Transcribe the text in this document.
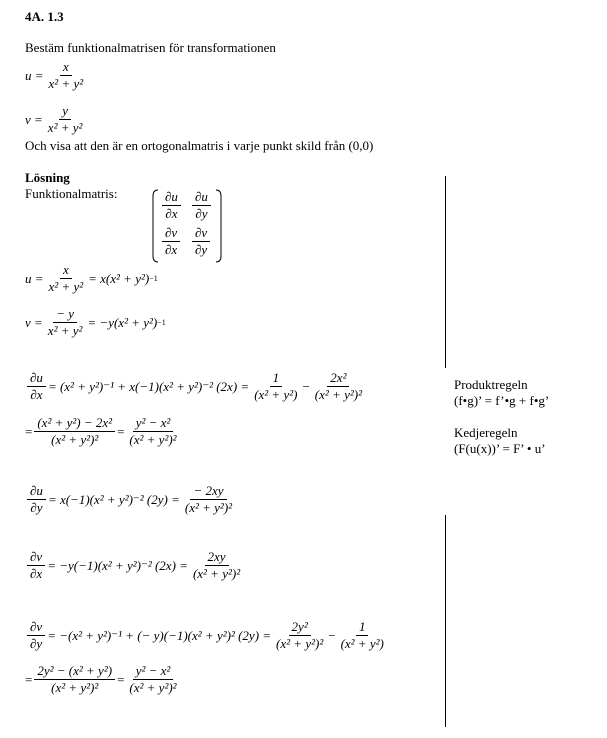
4A. 1.3
Bestäm funktionalmatrisen för transformationen
$u = \frac{x}{\text{x² + y²}}$
$v = \frac{y}{\text{x² + y²}}$
Och visa att den är en ortogonalmatris i varje punkt skild från (0,0)
Lösning
Funktionalmatris:	$\frac{\partial u}{\partial x} \frac{\partial u}{\partial y}$
$\frac{\partial v}{\partial x} \frac{\partial v}{\partial y}$
$u = \frac{x}{\text{x² + y²}} = x(x^2 + y^2) -1$
$v = \frac{- y}{\text{x² + y²}} = -y(x^2 + y^2) -1$
$\frac{\partial u}{\partial x} = (x^2 + y^2)^{-1} + x(-1)(x^2 + y^2)^{-2}$ $(2x) = \frac{1}{\text{(x² + y²)}} - \frac{\text{2x²}}{\text{(x² + y²)²}}$
= $\frac{\text{(x² + y²) − 2x²}}{\text{(x² + y²)²}} = \frac{\text{y² − x²}}{\text{(x² + y²)²}}$
Produktregeln
(f•g)’ = f’•g + f•g’
Kedjeregeln
(F(u(x))’ = F’ • u’
$\frac{\partial u}{\partial y} = x(-1)(x^2 + y^2)^{-2}$ $(2y) = \frac{- 2xy}{\text{(x² + y²)²}}$
$\frac{\partial v}{\partial x} = -y(-1)(x^2 + y^2)^{-2}$ $(2x) = \frac{2xy}{\text{(x² + y²)²}}$
$\frac{\partial v}{\partial y} = -(x^2 + y^2)^{-1}$ + (− y)(−1)(x² + y²)² $(2y) = \frac{\text{2y²}}{\text{(x² + y²)²}} - \frac{1}{\text{(x² + y²)}}$
= $\frac{\text{2y² − (x² + y²)}}{\text{(x² + y²)²}} = \frac{\text{y² − x²}}{\text{(x² + y²)²}}$
